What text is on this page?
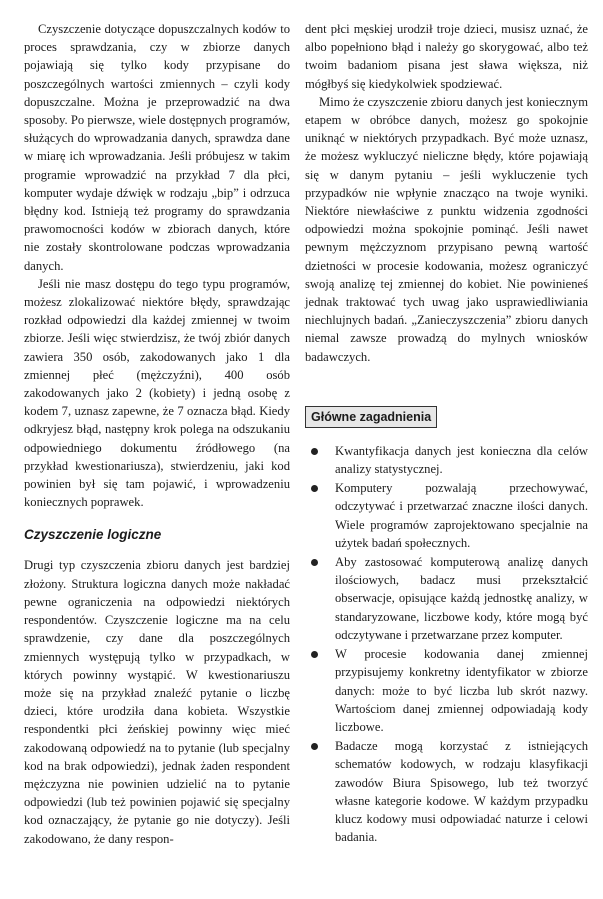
Czyszczenie dotyczące dopuszczalnych kodów to proces sprawdzania, czy w zbiorze danych pojawiają się tylko kody przypisane do poszczególnych wartości zmiennych – czyli kody dopuszczalne. Można je przeprowadzić na dwa sposoby. Po pierwsze, wiele dostępnych programów, służących do wprowadzania danych, sprawdza dane w miarę ich wprowadzania. Jeśli próbujesz w takim programie wprowadzić na przykład 7 dla płci, komputer wydaje dźwięk w rodzaju „bip” i odrzuca błędny kod. Istnieją też programy do sprawdzania prawomocności kodów w zbiorach danych, które nie zostały skontrolowane podczas wprowadzania danych.

Jeśli nie masz dostępu do tego typu programów, możesz zlokalizować niektóre błędy, sprawdzając rozkład odpowiedzi dla każdej zmiennej w twoim zbiorze. Jeśli więc stwierdzisz, że twój zbiór danych zawiera 350 osób, zakodowanych jako 1 dla zmiennej płeć (mężczyźni), 400 osób zakodowanych jako 2 (kobiety) i jedną osobę z kodem 7, uznasz zapewne, że 7 oznacza błąd. Kiedy odkryjesz błąd, następny krok polega na odszukaniu odpowiedniego dokumentu źródłowego (na przykład kwestionariusza), stwierdzeniu, jaki kod powinien był się tam pojawić, i wprowadzeniu koniecznych poprawek.

Czyszczenie logiczne

Drugi typ czyszczenia zbioru danych jest bardziej złożony. Struktura logiczna danych może nakładać pewne ograniczenia na odpowiedzi niektórych respondentów. Czyszczenie logiczne ma na celu sprawdzenie, czy dane dla poszczególnych zmiennych występują tylko w przypadkach, w których powinny wystąpić. W kwestionariuszu może się na przykład znaleźć pytanie o liczbę dzieci, które urodziła dana kobieta. Wszystkie respondentki płci żeńskiej powinny więc mieć zakodowaną odpowiedź na to pytanie (lub specjalny kod na brak odpowiedzi), jednak żaden respondent mężczyzna nie powinien udzielić na to pytanie odpowiedzi (lub też powinien pojawić się specjalny kod oznaczający, że pytanie go nie dotyczy). Jeśli zakodowano, że dany respon-

dent płci męskiej urodził troje dzieci, musisz uznać, że albo popełniono błąd i należy go skorygować, albo też twoim badaniom pisana jest sława większa, niż mógłbyś się kiedykolwiek spodziewać.

Mimo że czyszczenie zbioru danych jest koniecznym etapem w obróbce danych, możesz go spokojnie uniknąć w niektórych przypadkach. Być może uznasz, że możesz wykluczyć nieliczne błędy, które pojawiają się w danym pytaniu – jeśli wykluczenie tych przypadków nie wpłynie znacząco na twoje wyniki. Niektóre niewłaściwe z punktu widzenia zgodności odpowiedzi można spokojnie pominąć. Jeśli nawet pewnym mężczyznom przypisano pewną wartość dzietności w procesie kodowania, możesz ograniczyć swoją analizę tej zmiennej do kobiet. Nie powinieneś jednak traktować tych uwag jako usprawiedliwiania niechlujnych badań. „Zanieczyszczenia” zbioru danych niemal zawsze prowadzą do mylnych wniosków badawczych.

Główne zagadnienia
Kwantyfikacja danych jest konieczna dla celów analizy statystycznej.
Komputery pozwalają przechowywać, odczytywać i przetwarzać znaczne ilości danych. Wiele programów zaprojektowano specjalnie na użytek badań społecznych.
Aby zastosować komputerową analizę danych ilościowych, badacz musi przekształcić obserwacje, opisujące każdą jednostkę analizy, w standaryzowane, liczbowe kody, które mogą być odczytywane i przetwarzane przez komputer.
W procesie kodowania danej zmiennej przypisujemy konkretny identyfikator w zbiorze danych: może to być liczba lub skrót nazwy. Wartościom danej zmiennej odpowiadają kody liczbowe.
Badacze mogą korzystać z istniejących schematów kodowych, w rodzaju klasyfikacji zawodów Biura Spisowego, lub też tworzyć własne kategorie kodowe. W każdym przypadku klucz kodowy musi odpowiadać naturze i celowi badania.
